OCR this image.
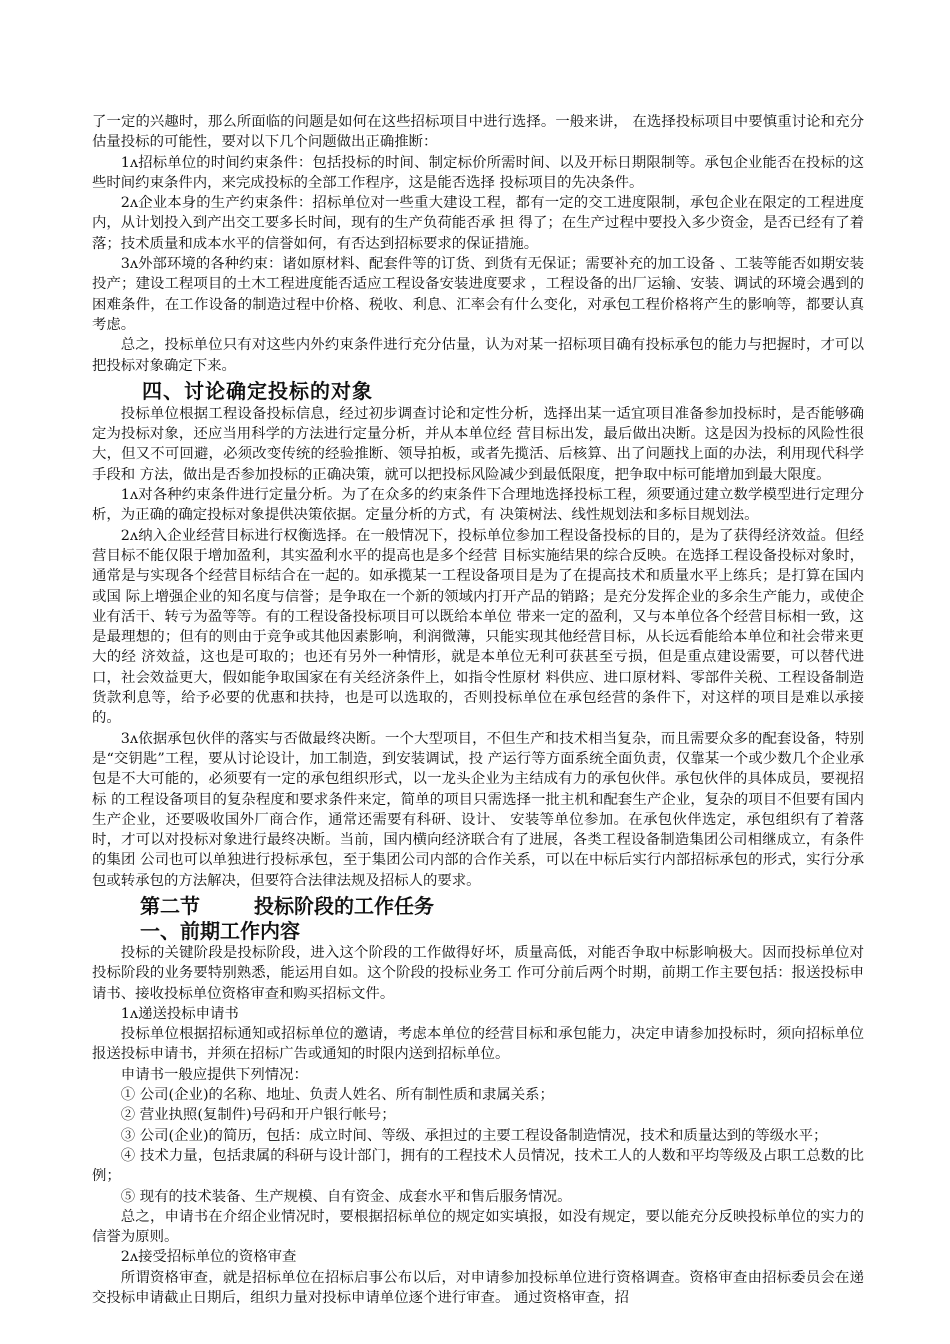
了一定的兴趣时，那么所面临的问题是如何在这些招标项目中进行选择。一般来讲， 在选择投标项目中要慎重讨论和充分估量投标的可能性，要对以下几个问题做出正确推断：

1ʌ招标单位的时间约束条件：包括投标的时间、制定标价所需时间、以及开标日期限制等。承包企业能否在投标的这些时间约束条件内，来完成投标的全部工作程序，这是能否选择 投标项目的先决条件。

2ʌ企业本身的生产约束条件：招标单位对一些重大建设工程，都有一定的交工进度限制，承包企业在限定的工程进度内，从计划投入到产出交工要多长时间，现有的生产负荷能否承 担 得了；在生产过程中要投入多少资金，是否已经有了着落；技术质量和成本水平的信誉如何，有否达到招标要求的保证措施。

3ʌ外部环境的各种约束：诸如原材料、配套件等的订货、到货有无保证；需要补充的加工设备 、工装等能否如期安装投产；建设工程项目的土木工程进度能否适应工程设备安装进度要求 ，工程设备的出厂运输、安装、调试的环境会遇到的困难条件，在工作设备的制造过程中价格、税收、利息、汇率会有什么变化，对承包工程价格将产生的影响等，都要认真考虑。

总之，投标单位只有对这些内外约束条件进行充分估量，认为对某一招标项目确有投标承包的能力与把握时，才可以把投标对象确定下来。

四、讨论确定投标的对象

投标单位根据工程设备投标信息，经过初步调查讨论和定性分析，选择出某一适宜项目准备参加投标时，是否能够确定为投标对象，还应当用科学的方法进行定量分析，并从本单位经 营目标出发，最后做出决断。这是因为投标的风险性很大，但又不可回避，必须改变传统的经验推断、领导拍板，或者先揽活、后核算、出了问题找上面的办法，利用现代科学手段和 方法，做出是否参加投标的正确决策，就可以把投标风险减少到最低限度，把争取中标可能增加到最大限度。

1ʌ对各种约束条件进行定量分析。为了在众多的约束条件下合理地选择投标工程，须要通过建立数学模型进行定理分析，为正确的确定投标对象提供决策依据。定量分析的方式，有 决策树法、线性规划法和多标目规划法。

2ʌ纳入企业经营目标进行权衡选择。在一般情况下，投标单位参加工程设备投标的目的，是为了获得经济效益。但经营目标不能仅限于增加盈利，其实盈利水平的提高也是多个经营 目标实施结果的综合反映。在选择工程设备投标对象时，通常是与实现各个经营目标结合在一起的。如承揽某一工程设备项目是为了在提高技术和质量水平上练兵；是打算在国内或国 际上增强企业的知名度与信誉；是争取在一个新的领域内打开产品的销路；是充分发挥企业的多余生产能力，或使企业有活干、转亏为盈等等。有的工程设备投标项目可以既给本单位 带来一定的盈利，又与本单位各个经营目标相一致，这是最理想的；但有的则由于竞争或其他因素影响，利润微薄，只能实现其他经营目标，从长远看能给本单位和社会带来更大的经 济效益，这也是可取的；也还有另外一种情形，就是本单位无利可获甚至亏损，但是重点建设需要，可以替代进口，社会效益更大，假如能争取国家在有关经济条件上，如指令性原材 料供应、进口原材料、零部件关税、工程设备制造货款利息等，给予必要的优惠和扶持，也是可以选取的，否则投标单位在承包经营的条件下，对这样的项目是难以承接的。

3ʌ依据承包伙伴的落实与否做最终决断。一个大型项目，不但生产和技术相当复杂，而且需要众多的配套设备，特别是“交钥匙”工程，要从讨论设计，加工制造，到安装调试，投 产运行等方面系统全面负责，仅靠某一个或少数几个企业承包是不大可能的，必须要有一定的承包组织形式，以一龙头企业为主结成有力的承包伙伴。承包伙伴的具体成员，要视招标 的工程设备项目的复杂程度和要求条件来定，简单的项目只需选择一批主机和配套生产企业，复杂的项目不但要有国内生产企业，还要吸收国外厂商合作，通常还需要有科研、设计、 安装等单位参加。在承包伙伴选定，承包组织有了着落时，才可以对投标对象进行最终决断。当前，国内横向经济联合有了进展，各类工程设备制造集团公司相继成立，有条件的集团 公司也可以单独进行投标承包，至于集团公司内部的合作关系，可以在中标后实行内部招标承包的形式，实行分承包或转承包的方法解决，但要符合法律法规及招标人的要求。

第二节	投标阶段的工作任务
一、前期工作内容

投标的关键阶段是投标阶段，进入这个阶段的工作做得好坏，质量高低，对能否争取中标影响极大。因而投标单位对投标阶段的业务要特别熟悉，能运用自如。这个阶段的投标业务工 作可分前后两个时期，前期工作主要包括：报送投标申请书、接收投标单位资格审查和购买招标文件。

1ʌ递送投标申请书

投标单位根据招标通知或招标单位的邀请，考虑本单位的经营目标和承包能力，决定申请参加投标时，须向招标单位报送投标申请书，并须在招标广告或通知的时限内送到招标单位。

申请书一般应提供下列情况：

① 公司(企业)的名称、地址、负责人姓名、所有制性质和隶属关系；

② 营业执照(复制件)号码和开户银行帐号；

③ 公司(企业)的简历，包括：成立时间、等级、承担过的主要工程设备制造情况，技术和质量达到的等级水平；

④ 技术力量，包括隶属的科研与设计部门，拥有的工程技术人员情况，技术工人的人数和平均等级及占职工总数的比例；

⑤ 现有的技术装备、生产规模、自有资金、成套水平和售后服务情况。

总之，申请书在介绍企业情况时，要根据招标单位的规定如实填报，如没有规定，要以能充分反映投标单位的实力的信誉为原则。

2ʌ接受招标单位的资格审查

所谓资格审查，就是招标单位在招标启事公布以后，对申请参加投标单位进行资格调查。资格审查由招标委员会在递交投标申请截止日期后，组织力量对投标申请单位逐个进行审查。 通过资格审查，招
